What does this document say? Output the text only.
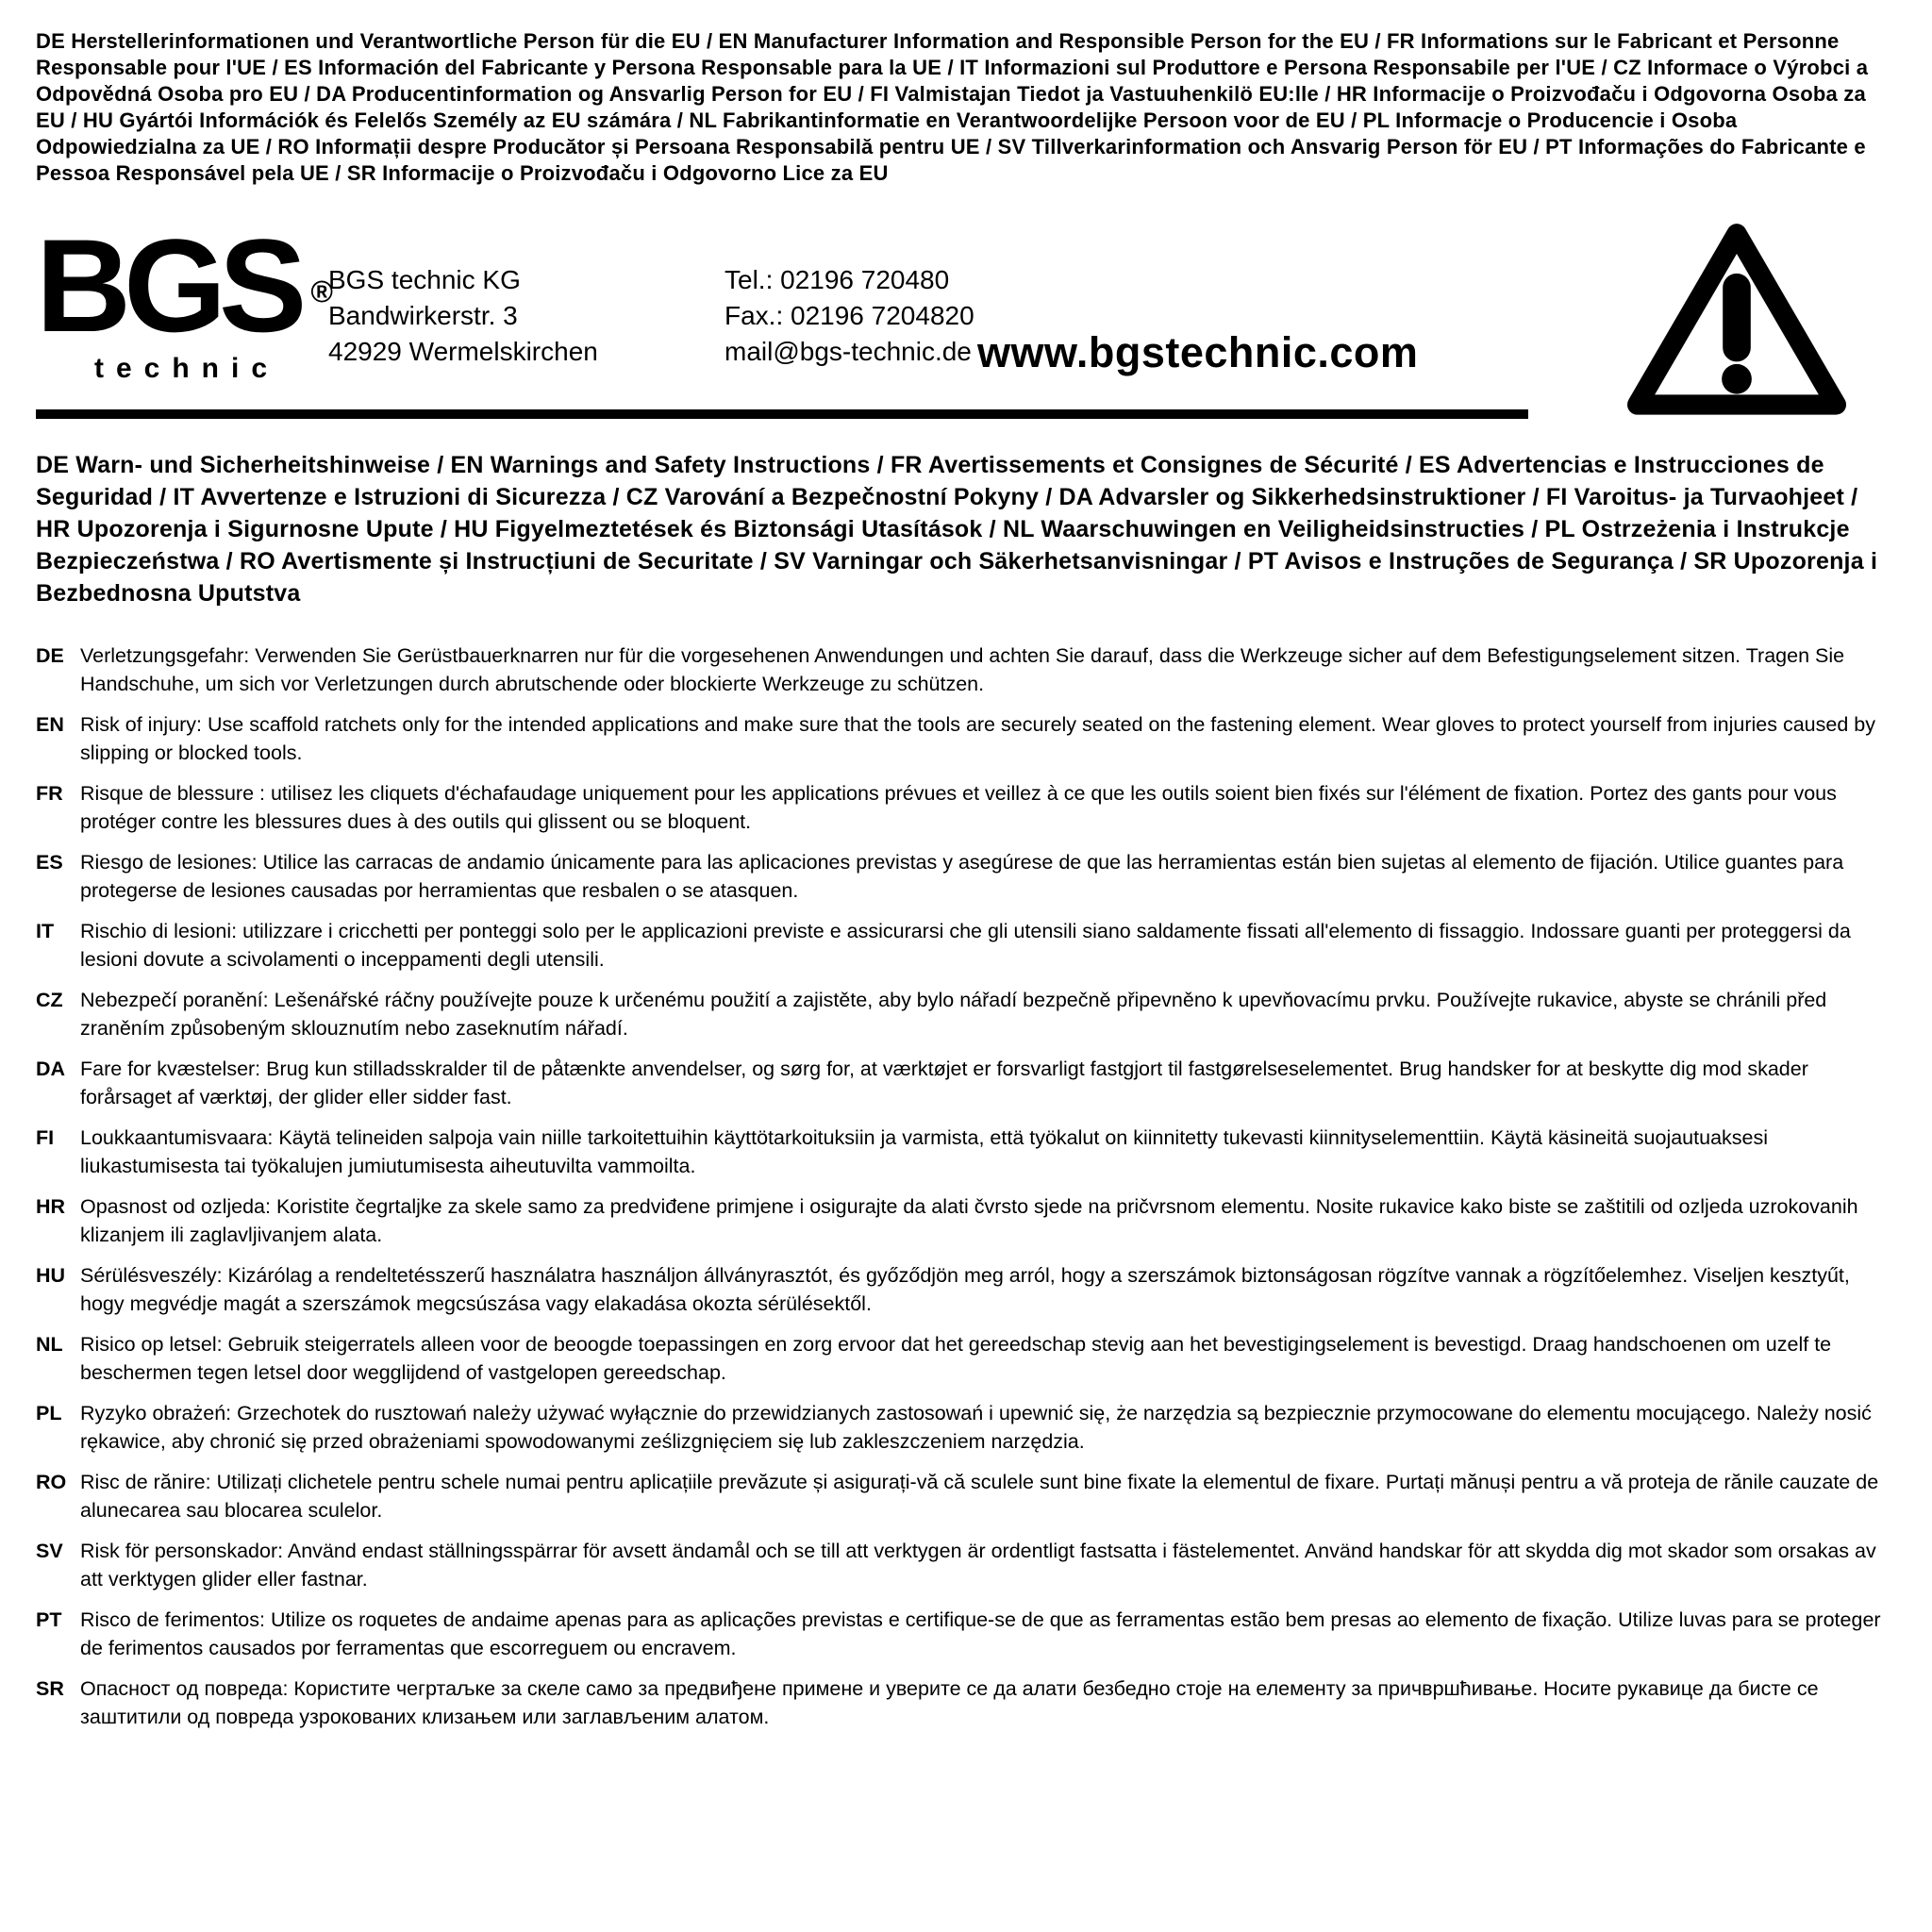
DE Herstellerinformationen und Verantwortliche Person für die EU / EN Manufacturer Information and Responsible Person for the EU / FR Informations sur le Fabricant et Personne Responsable pour l'UE / ES Información del Fabricante y Persona Responsable para la UE / IT Informazioni sul Produttore e Persona Responsabile per l'UE / CZ Informace o Výrobci a Odpovědná Osoba pro EU / DA Producentinformation og Ansvarlig Person for EU / FI Valmistajan Tiedot ja Vastuuhenkilö EU:lle / HR Informacije o Proizvođaču i Odgovorna Osoba za EU / HU Gyártói Információk és Felelős Személy az EU számára / NL Fabrikantinformatie en Verantwoordelijke Persoon voor de EU / PL Informacje o Producencie i Osoba Odpowiedzialna za UE / RO Informații despre Producător și Persoana Responsabilă pentru UE / SV Tillverkarinformation och Ansvarig Person för EU / PT Informações do Fabricante e Pessoa Responsável pela UE / SR Informacije o Proizvođaču i Odgovorno Lice za EU

BGS ®
technic
BGS technic KG
Bandwirkerstr. 3
42929 Wermelskirchen
Tel.: 02196 720480
Fax.: 02196 7204820
mail@bgs-technic.de www.bgstechnic.com

DE Warn- und Sicherheitshinweise / EN Warnings and Safety Instructions / FR Avertissements et Consignes de Sécurité / ES Advertencias e Instrucciones de Seguridad / IT Avvertenze e Istruzioni di Sicurezza / CZ Varování a Bezpečnostní Pokyny / DA Advarsler og Sikkerhedsinstruktioner / FI Varoitus- ja Turvaohjeet / HR Upozorenja i Sigurnosne Upute / HU Figyelmeztetések és Biztonsági Utasítások / NL Waarschuwingen en Veiligheidsinstructies / PL Ostrzeżenia i Instrukcje Bezpieczeństwa / RO Avertismente și Instrucțiuni de Securitate / SV Varningar och Säkerhetsanvisningar / PT Avisos e Instruções de Segurança / SR Upozorenja i Bezbednosna Uputstva

DE Verletzungsgefahr: Verwenden Sie Gerüstbauerknarren nur für die vorgesehenen Anwendungen und achten Sie darauf, dass die Werkzeuge sicher auf dem Befestigungselement sitzen. Tragen Sie Handschuhe, um sich vor Verletzungen durch abrutschende oder blockierte Werkzeuge zu schützen.
EN Risk of injury: Use scaffold ratchets only for the intended applications and make sure that the tools are securely seated on the fastening element. Wear gloves to protect yourself from injuries caused by slipping or blocked tools.
FR Risque de blessure : utilisez les cliquets d'échafaudage uniquement pour les applications prévues et veillez à ce que les outils soient bien fixés sur l'élément de fixation. Portez des gants pour vous protéger contre les blessures dues à des outils qui glissent ou se bloquent.
ES Riesgo de lesiones: Utilice las carracas de andamio únicamente para las aplicaciones previstas y asegúrese de que las herramientas están bien sujetas al elemento de fijación. Utilice guantes para protegerse de lesiones causadas por herramientas que resbalen o se atasquen.
IT	Rischio di lesioni: utilizzare i cricchetti per ponteggi solo per le applicazioni previste e assicurarsi che gli utensili siano saldamente fissati all'elemento di fissaggio. Indossare guanti per proteggersi da lesioni dovute a scivolamenti o inceppamenti degli utensili.
CZ Nebezpečí poranění: Lešenářské ráčny používejte pouze k určenému použití a zajistěte, aby bylo nářadí bezpečně připevněno k upevňovacímu prvku. Používejte rukavice, abyste se chránili před zraněním způsobeným sklouznutím nebo zaseknutím nářadí.
DA Fare for kvæstelser: Brug kun stilladsskralder til de påtænkte anvendelser, og sørg for, at værktøjet er forsvarligt fastgjort til fastgørelseselementet. Brug handsker for at beskytte dig mod skader forårsaget af værktøj, der glider eller sidder fast.
FI	Loukkaantumisvaara: Käytä telineiden salpoja vain niille tarkoitettuihin käyttötarkoituksiin ja varmista, että työkalut on kiinnitetty tukevasti kiinnityselementtiin. Käytä käsineitä suojautuaksesi liukastumisesta tai työkalujen jumiutumisesta aiheutuvilta vammoilta.
HR Opasnost od ozljeda: Koristite čegrtaljke za skele samo za predviđene primjene i osigurajte da alati čvrsto sjede na pričvrsnom elementu. Nosite rukavice kako biste se zaštitili od ozljeda uzrokovanih klizanjem ili zaglavljivanjem alata.
HU Sérülésveszély: Kizárólag a rendeltetésszerű használatra használjon állványrasztót, és győződjön meg arról, hogy a szerszámok biztonságosan rögzítve vannak a rögzítőelemhez. Viseljen kesztyűt, hogy megvédje magát a szerszámok megcsúszása vagy elakadása okozta sérülésektől.
NL Risico op letsel: Gebruik steigerratels alleen voor de beoogde toepassingen en zorg ervoor dat het gereedschap stevig aan het bevestigingselement is bevestigd. Draag handschoenen om uzelf te beschermen tegen letsel door wegglijdend of vastgelopen gereedschap.
PL Ryzyko obrażeń: Grzechotek do rusztowań należy używać wyłącznie do przewidzianych zastosowań i upewnić się, że narzędzia są bezpiecznie przymocowane do elementu mocującego. Należy nosić rękawice, aby chronić się przed obrażeniami spowodowanymi ześlizgnięciem się lub zakleszczeniem narzędzia.
RO Risc de rănire: Utilizați clichetele pentru schele numai pentru aplicațiile prevăzute și asigurați-vă că sculele sunt bine fixate la elementul de fixare. Purtați mănuși pentru a vă proteja de rănile cauzate de alunecarea sau blocarea sculelor.
SV Risk för personskador: Använd endast ställningsspärrar för avsett ändamål och se till att verktygen är ordentligt fastsatta i fästelementet. Använd handskar för att skydda dig mot skador som orsakas av att verktygen glider eller fastnar.
PT Risco de ferimentos: Utilize os roquetes de andaime apenas para as aplicações previstas e certifique-se de que as ferramentas estão bem presas ao elemento de fixação. Utilize luvas para se proteger de ferimentos causados por ferramentas que escorreguem ou encravem.
SR Опасност од повреда: Користите чегртаљке за скеле само за предвиђене примене и уверите се да алати безбедно стоје на елементу за причвршћивање. Носите рукавице да бисте се заштитили од повреда узрокованих клизањем или заглављеним алатом.
